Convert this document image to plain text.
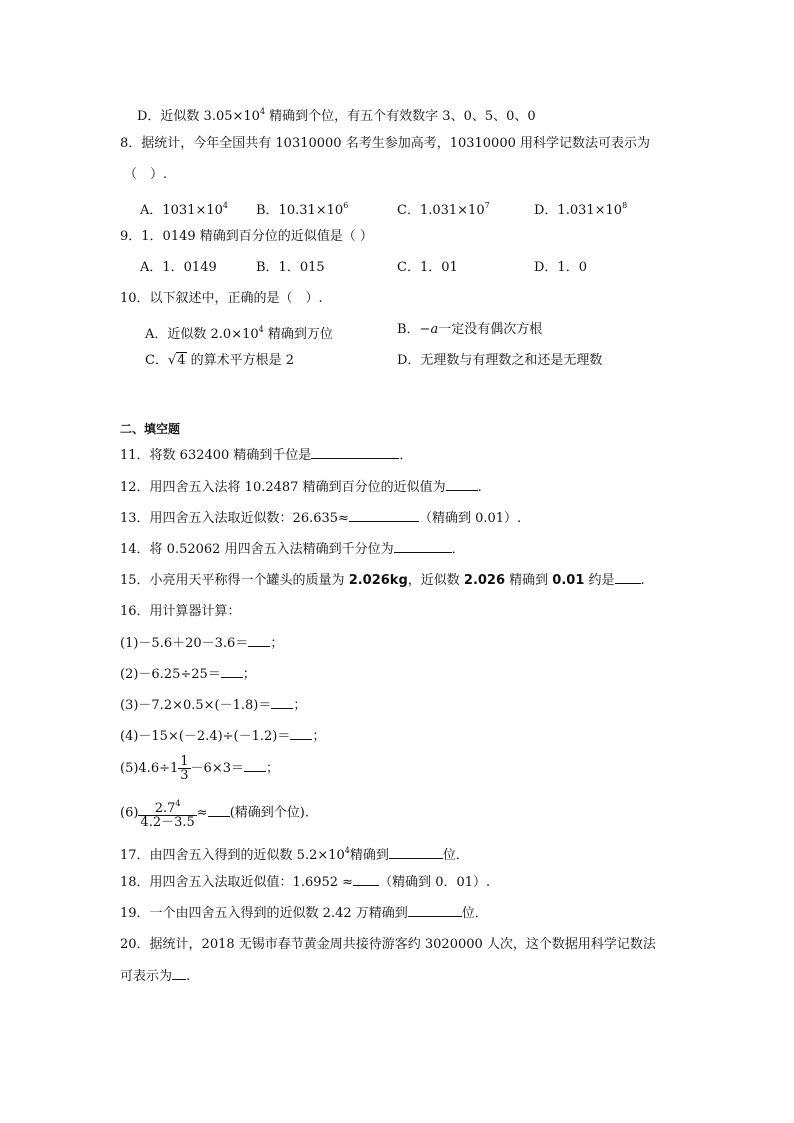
D．近似数 $3.05\times 10^4$ 精确到个位，有五个有效数字 3、0、5、0、0
8．据统计，今年全国共有 10310000 名考生参加高考，10310000 用科学记数法可表示为
（　）.
A．$1031\times 10^4$ B．$10.31\times 10^6$	C．$1.031\times 10^7$	D．$1.031\times 10^8$
9．1．0149 精确到百分位的近似值是（ ）
A．1．0149	B．1．015	C．1．01	D．1．0
10．以下叙述中，正确的是（　）.
A．近似数 $2.0\times 10^4$ 精确到万位	B．−a一定没有偶次方根
C．√4 的算术平方根是 2	D．无理数与有理数之和还是无理数
二、填空题
11．将数 632400 精确到千位是	．
12．用四舍五入法将 10.2487 精确到百分位的近似值为 .
13．用四舍五入法取近似数：26.635≈	（精确到 0.01）.
14．将 0.52062 用四舍五入法精确到千分位为	．
15．小亮用天平称得一个罐头的质量为 2.026kg，近似数 2.026 精确到 0.01 约是 .
16．用计算器计算：
(1)－5.6＋20－3.6＝ ；
(2)－6.25÷25＝ ；
(3)－7.2×0.5×(－1.8)＝ ；
(4)－15×(－2.4)÷(－1.2)＝ ；
$(5)4.6\div 1 \frac{1}{3} -6\times 3=$ ；
$(6) \frac{2.7^4}{4.2-3.5}$ ≈ (精确到个位).
17．由四舍五入得到的近似数 $5.2\times 10^4$精确到	位．
18．用四舍五入法取近似值：1.6952 ≈ （精确到 0．01）.
19．一个由四舍五入得到的近似数 2.42 万精确到	位．
20．据统计，2018 无锡市春节黄金周共接待游客约 3020000 人次，这个数据用科学记数法
可表示为 .
